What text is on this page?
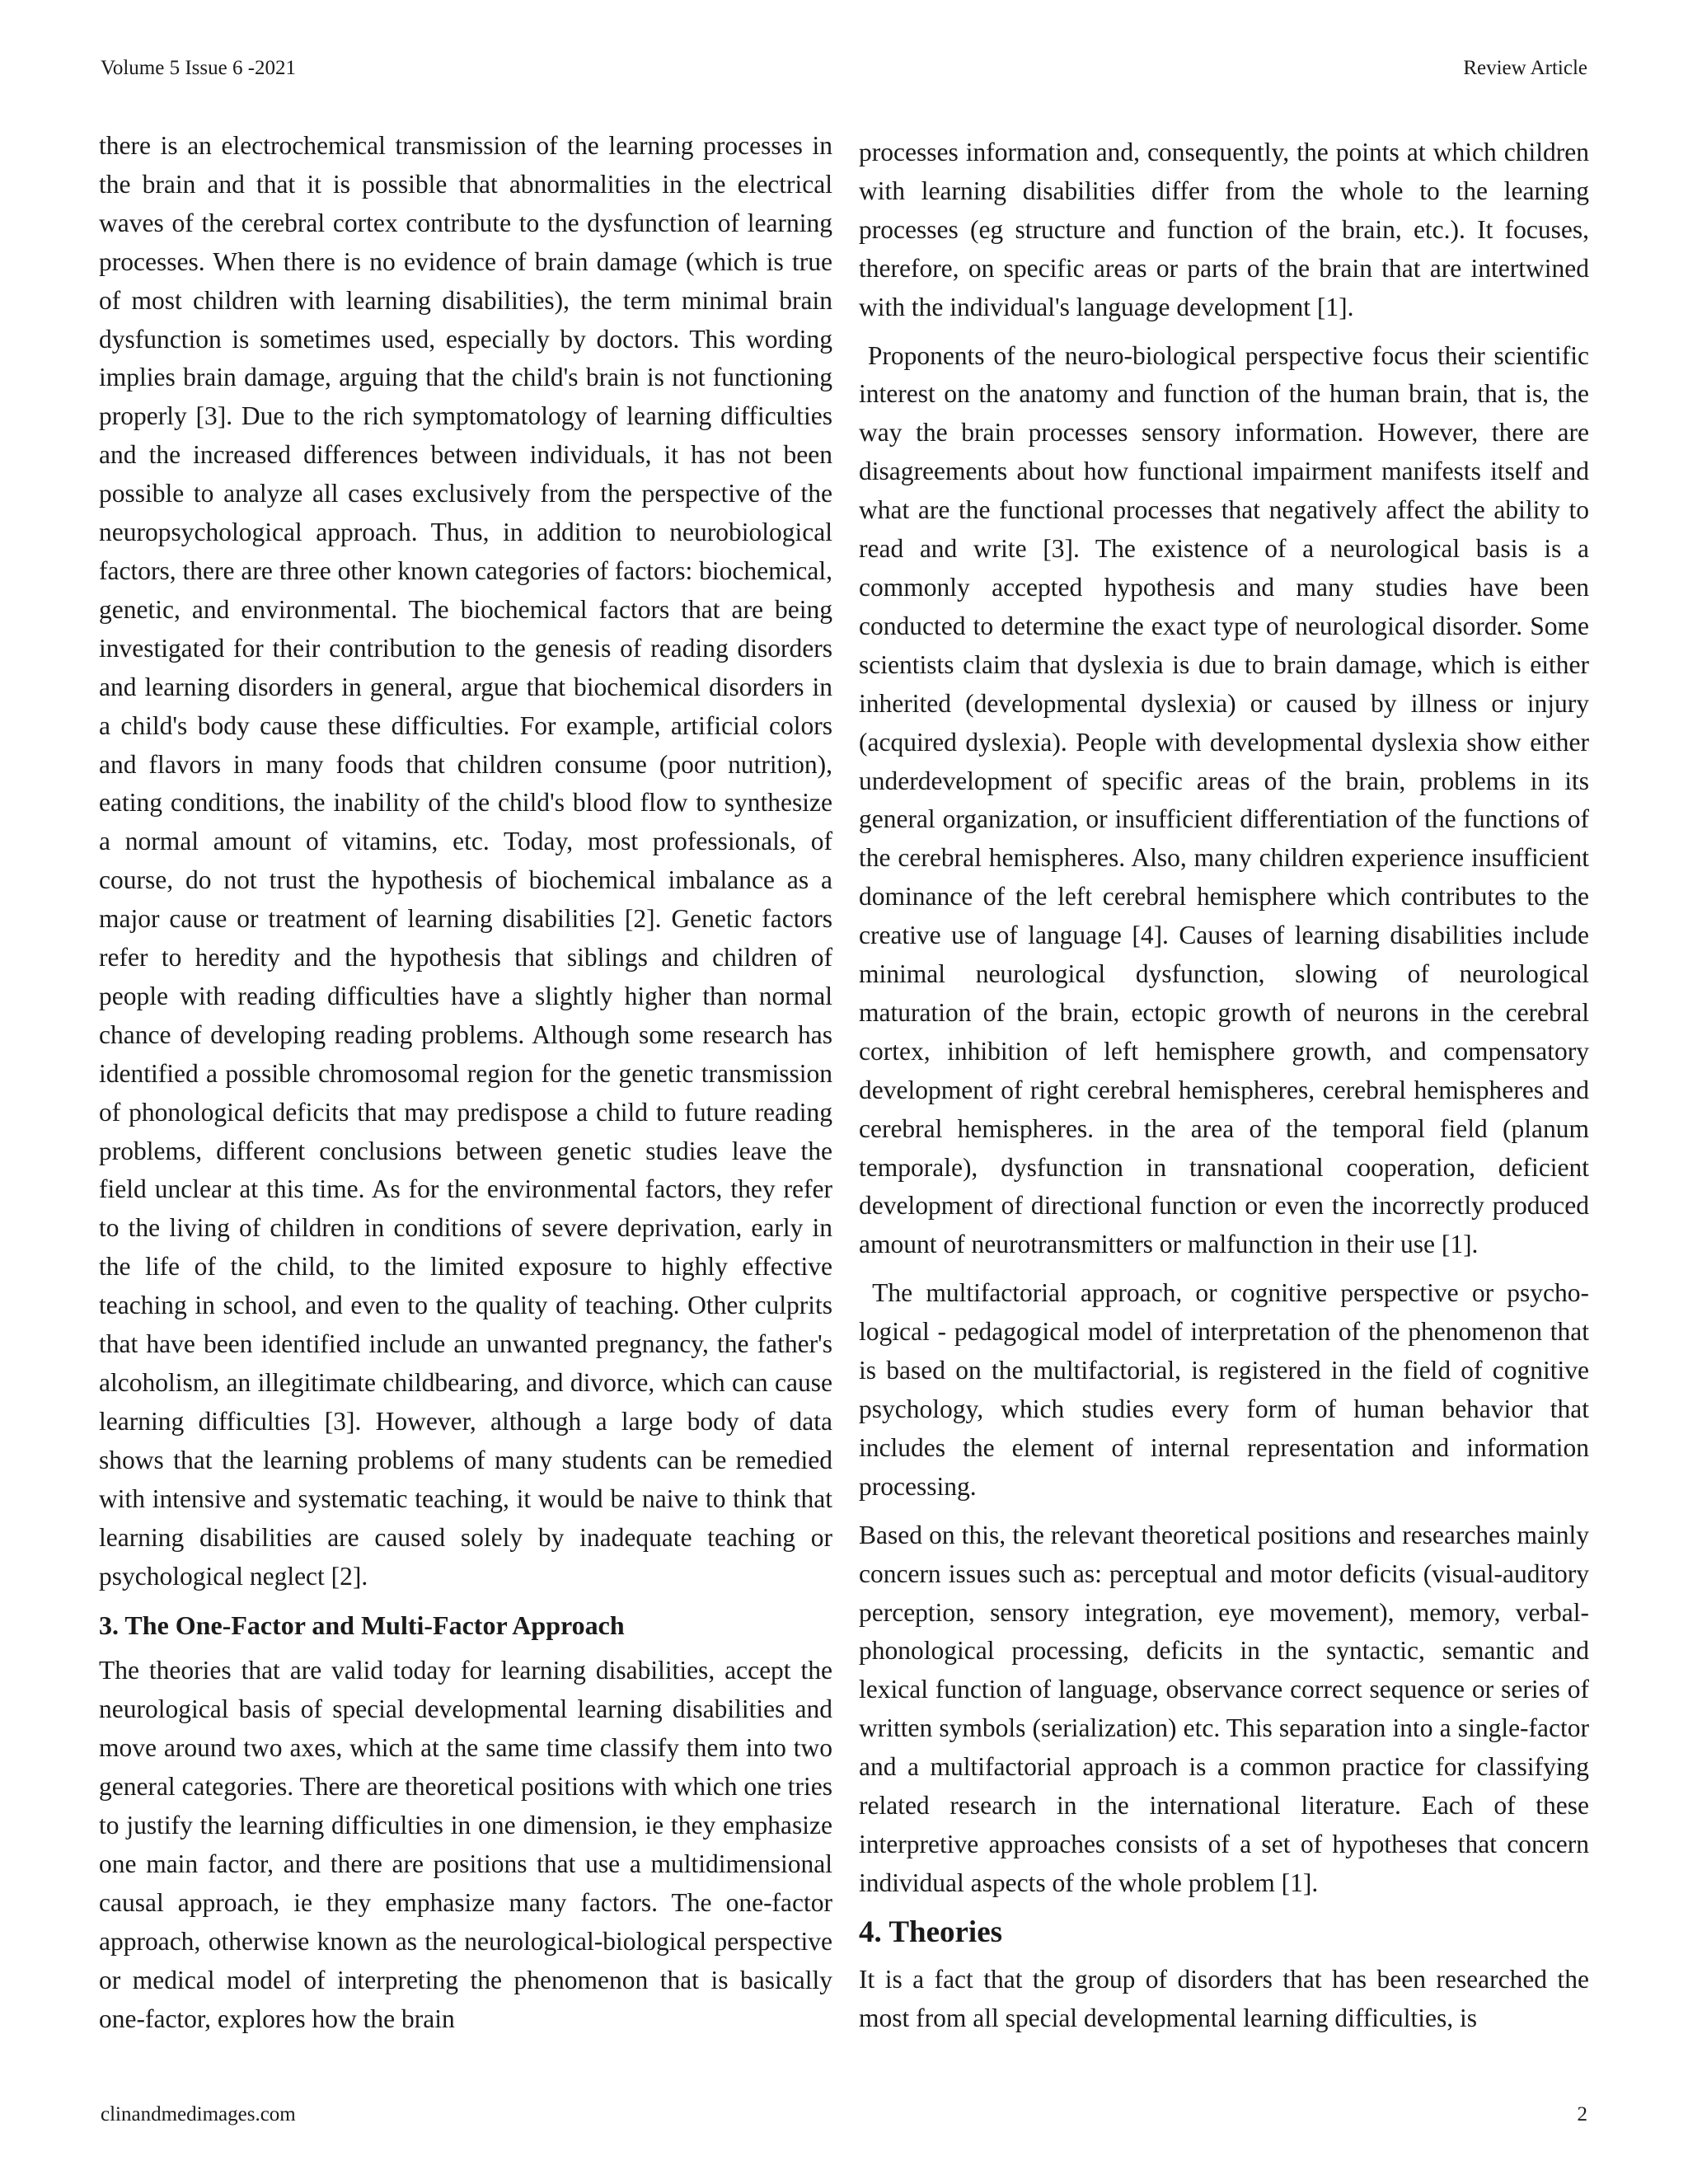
Volume 5 Issue 6 -2021	Review Article

there is an electrochemical transmission of the learning processes in the brain and that it is possible that abnormalities in the electrical waves of the cerebral cortex contribute to the dysfunction of learning processes. When there is no evidence of brain damage (which is true of most children with learning disabilities), the term minimal brain dysfunction is sometimes used, especially by doctors. This wording implies brain damage, arguing that the child's brain is not functioning properly [3]. Due to the rich symptomatology of learning difficulties and the increased differences between individuals, it has not been possible to analyze all cases exclusively from the perspective of the neuropsychological approach. Thus, in addition to neurobiological factors, there are three other known categories of factors: biochemical, genetic, and environmental. The biochemical factors that are being investigated for their contribution to the genesis of reading disorders and learning disorders in general, argue that biochemical disorders in a child's body cause these difficulties. For example, artificial colors and flavors in many foods that children consume (poor nutrition), eating conditions, the inability of the child's blood flow to synthesize a normal amount of vitamins, etc. Today, most professionals, of course, do not trust the hypothesis of biochemical imbalance as a major cause or treatment of learning disabilities [2]. Genetic factors refer to heredity and the hypothesis that siblings and children of people with reading difficulties have a slightly higher than normal chance of developing reading problems. Although some research has identified a possible chromosomal region for the genetic transmission of phonological deficits that may predispose a child to future reading problems, different conclusions between genetic studies leave the field unclear at this time. As for the environmental factors, they refer to the living of children in conditions of severe deprivation, early in the life of the child, to the limited exposure to highly effective teaching in school, and even to the quality of teaching. Other culprits that have been identified include an unwanted pregnancy, the father's alcoholism, an illegitimate childbearing, and divorce, which can cause learning difficulties [3]. However, although a large body of data shows that the learning problems of many students can be remedied with intensive and systematic teaching, it would be naive to think that learning disabilities are caused solely by inadequate teaching or psychological neglect [2].

3. The One-Factor and Multi-Factor Approach

The theories that are valid today for learning disabilities, accept the neurological basis of special developmental learning disabilities and move around two axes, which at the same time classify them into two general categories. There are theoretical positions with which one tries to justify the learning difficulties in one dimension, ie they emphasize one main factor, and there are positions that use a multidimensional causal approach, ie they emphasize many factors. The one-factor approach, otherwise known as the neurological-biological perspective or medical model of interpreting the phenomenon that is basically one-factor, explores how the brain

processes information and, consequently, the points at which children with learning disabilities differ from the whole to the learning processes (eg structure and function of the brain, etc.). It focuses, therefore, on specific areas or parts of the brain that are intertwined with the individual's language development [1].

Proponents of the neuro-biological perspective focus their scientific interest on the anatomy and function of the human brain, that is, the way the brain processes sensory information. However, there are disagreements about how functional impairment manifests itself and what are the functional processes that negatively affect the ability to read and write [3]. The existence of a neurological basis is a commonly accepted hypothesis and many studies have been conducted to determine the exact type of neurological disorder. Some scientists claim that dyslexia is due to brain damage, which is either inherited (developmental dyslexia) or caused by illness or injury (acquired dyslexia). People with developmental dyslexia show either underdevelopment of specific areas of the brain, problems in its general organization, or insufficient differentiation of the functions of the cerebral hemispheres. Also, many children experience insufficient dominance of the left cerebral hemisphere which contributes to the creative use of language [4]. Causes of learning disabilities include minimal neurological dysfunction, slowing of neurological maturation of the brain, ectopic growth of neurons in the cerebral cortex, inhibition of left hemisphere growth, and compensatory development of right cerebral hemispheres, cerebral hemispheres and cerebral hemispheres. in the area of the temporal field (planum temporale), dysfunction in transnational cooperation, deficient development of directional function or even the incorrectly produced amount of neurotransmitters or malfunction in their use [1].

The multifactorial approach, or cognitive perspective or psychological - pedagogical model of interpretation of the phenomenon that is based on the multifactorial, is registered in the field of cognitive psychology, which studies every form of human behavior that includes the element of internal representation and information processing.

Based on this, the relevant theoretical positions and researches mainly concern issues such as: perceptual and motor deficits (visual-auditory perception, sensory integration, eye movement), memory, verbal-phonological processing, deficits in the syntactic, semantic and lexical function of language, observance correct sequence or series of written symbols (serialization) etc. This separation into a single-factor and a multifactorial approach is a common practice for classifying related research in the international literature. Each of these interpretive approaches consists of a set of hypotheses that concern individual aspects of the whole problem [1].

4. Theories

It is a fact that the group of disorders that has been researched the most from all special developmental learning difficulties, is

clinandmedimages.com	2
